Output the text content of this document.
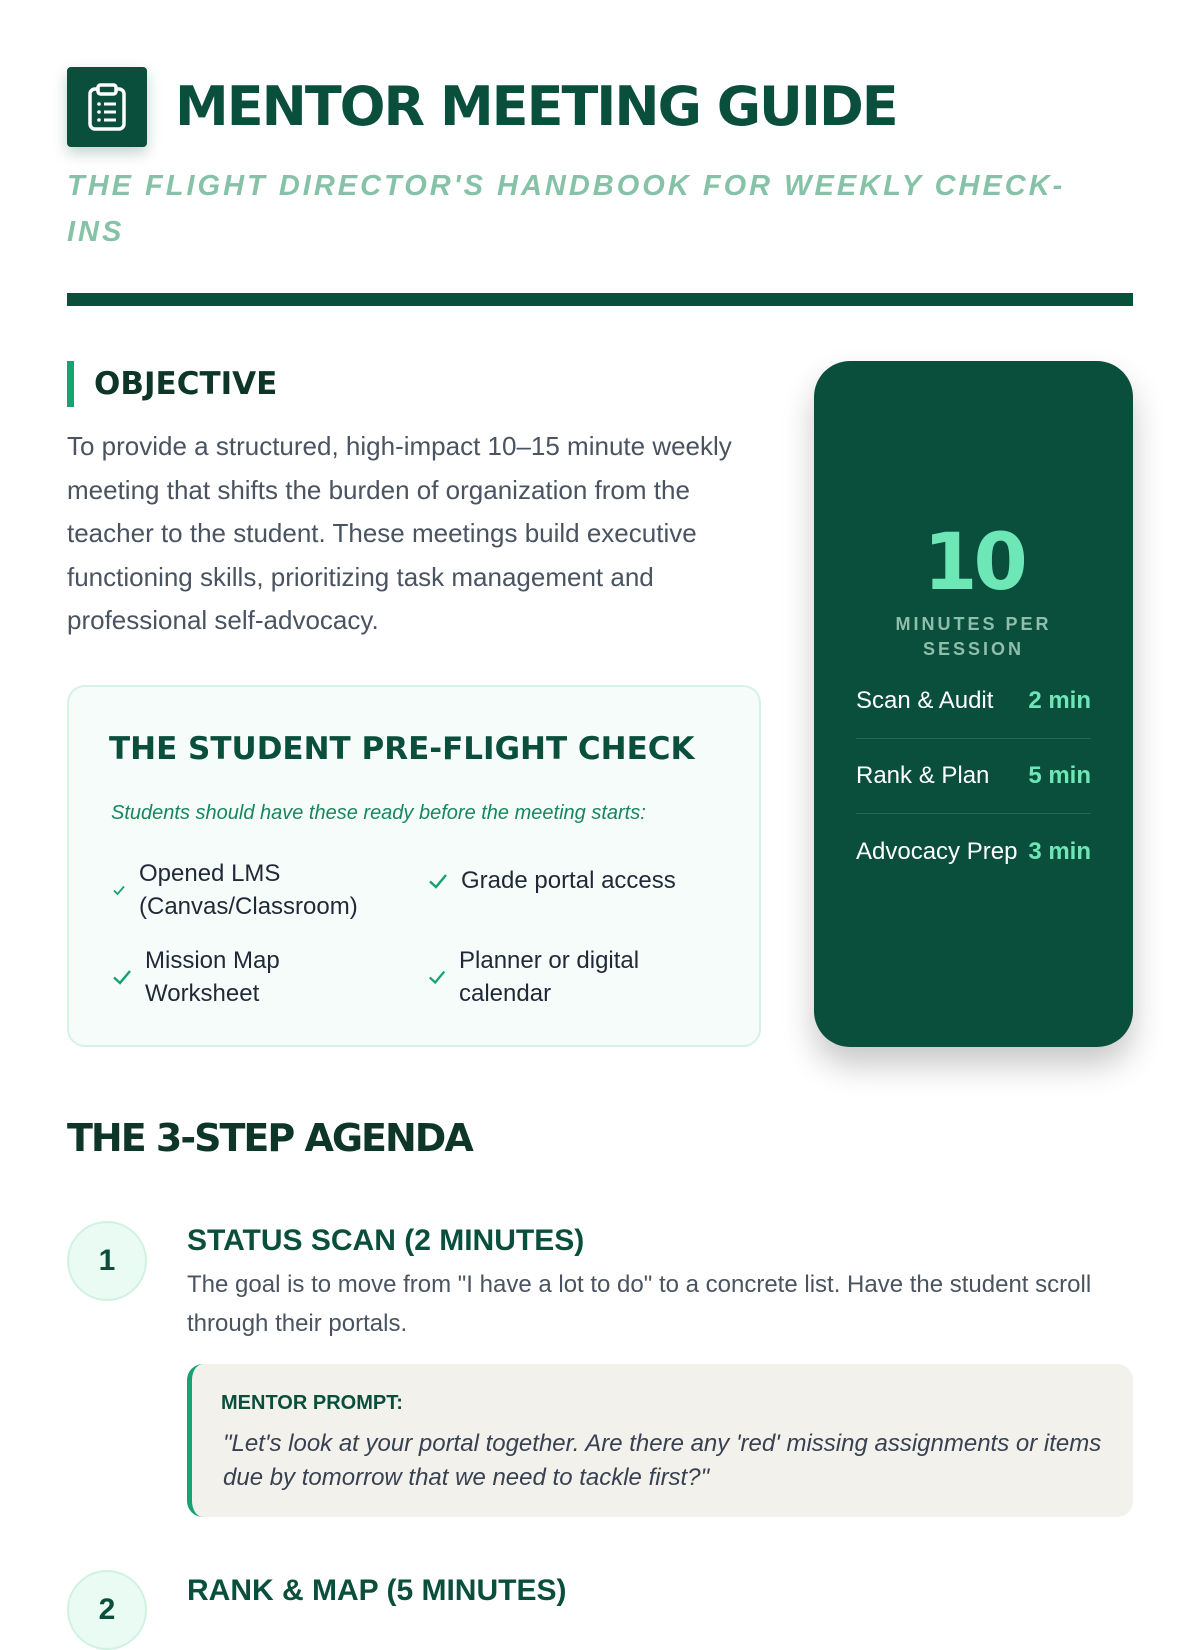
MENTOR MEETING GUIDE
THE FLIGHT DIRECTOR'S HANDBOOK FOR WEEKLY CHECK-INS
OBJECTIVE

To provide a structured, high-impact 10–15 minute weekly meeting that shifts the burden of organization from the teacher to the student. These meetings build executive functioning skills, prioritizing task management and professional self-advocacy.

THE STUDENT PRE-FLIGHT CHECK
Students should have these ready before the meeting starts:
Opened LMS (Canvas/Classroom)
Grade portal access
Mission Map Worksheet
Planner or digital calendar
10
MINUTES PER SESSION
Scan & Audit 2 min
Rank & Plan 5 min
Advocacy Prep 3 min
THE 3-STEP AGENDA
1
STATUS SCAN (2 MINUTES)

The goal is to move from "I have a lot to do" to a concrete list. Have the student scroll through their portals.

MENTOR PROMPT:

"Let's look at your portal together. Are there any 'red' missing assignments or items due by tomorrow that we need to tackle first?"

2
RANK & MAP (5 MINUTES)
